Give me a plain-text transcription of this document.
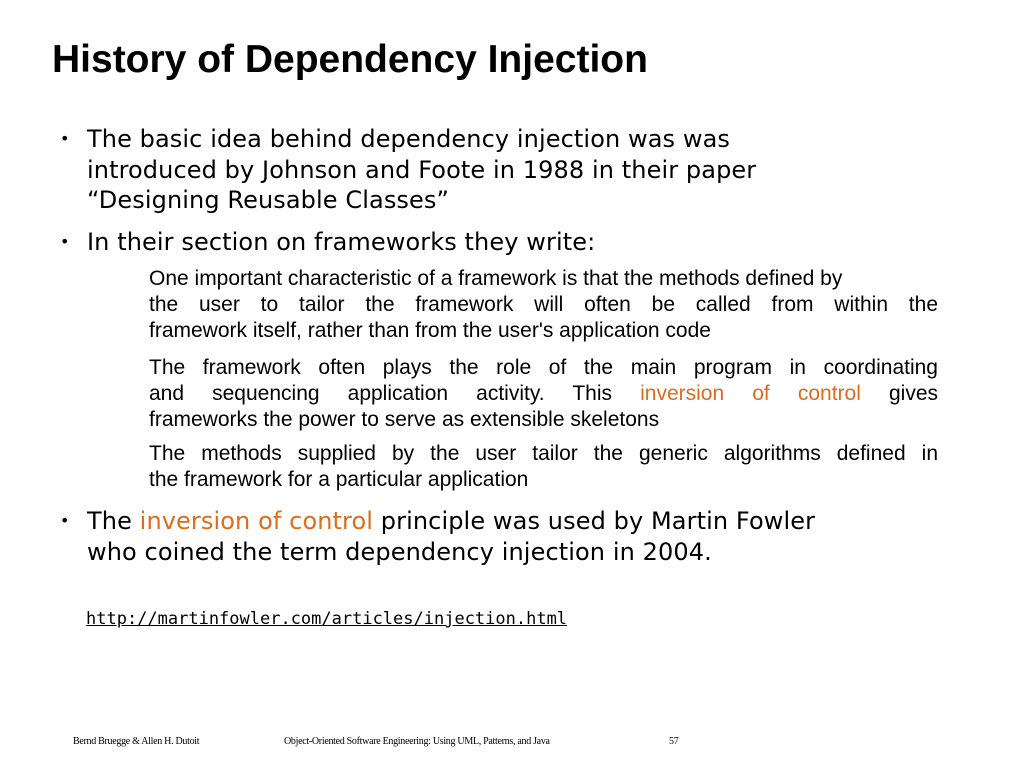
History of Dependency Injection
• The basic idea behind dependency injection was was
introduced by Johnson and Foote in 1988 in their paper
“Designing Reusable Classes”
• In their section on frameworks they write:
One important characteristic of a framework is that the methods defined by
the user to tailor the framework will often be called from within the
framework itself, rather than from the user's application code
The framework often plays the role of the main program in coordinating
and sequencing application activity. This inversion of control gives
frameworks the power to serve as extensible skeletons
The methods supplied by the user tailor the generic algorithms defined in
the framework for a particular application
• The inversion of control principle was used by Martin Fowler
who coined the term dependency injection in 2004.
http://martinfowler.com/articles/injection.html
Bernd Bruegge & Allen H. Dutoit	Object-Oriented Software Engineering: Using UML, Patterns, and Java	57
